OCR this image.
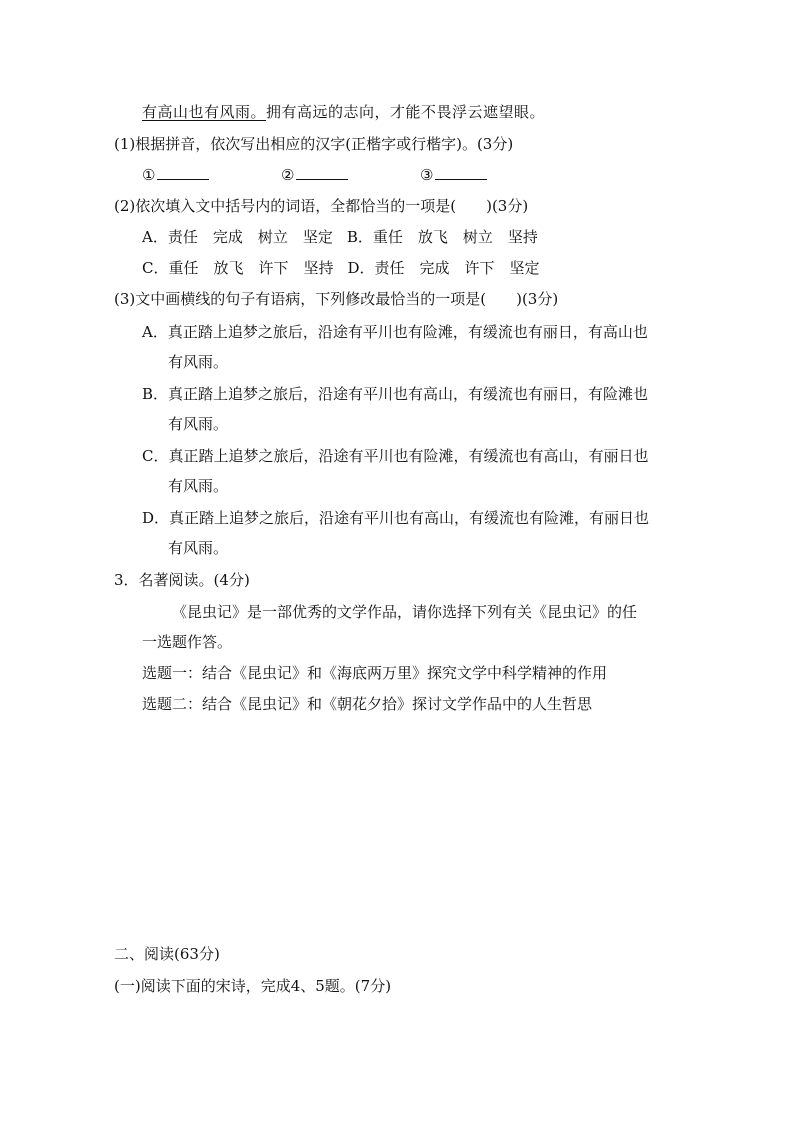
有高山也有风雨。拥有高远的志向，才能不畏浮云遮望眼。
(1)根据拼音，依次写出相应的汉字(正楷字或行楷字)。(3分)
①	②	③
(2)依次填入文中括号内的词语，全都恰当的一项是(　　)(3分)
A．责任　完成　树立　坚定 B．重任　放飞　树立　坚持
C．重任　放飞　许下　坚持 D．责任　完成　许下　坚定
(3)文中画横线的句子有语病，下列修改最恰当的一项是(　　)(3分)
A．真正踏上追梦之旅后，沿途有平川也有险滩，有缓流也有丽日，有高山也
有风雨。
B．真正踏上追梦之旅后，沿途有平川也有高山，有缓流也有丽日，有险滩也
有风雨。
C．真正踏上追梦之旅后，沿途有平川也有险滩，有缓流也有高山，有丽日也
有风雨。
D．真正踏上追梦之旅后，沿途有平川也有高山，有缓流也有险滩，有丽日也
有风雨。
3．名著阅读。(4分)
《昆虫记》是一部优秀的文学作品，请你选择下列有关《昆虫记》的任
一选题作答。
选题一：结合《昆虫记》和《海底两万里》探究文学中科学精神的作用
选题二：结合《昆虫记》和《朝花夕拾》探讨文学作品中的人生哲思
二、阅读(63分)
(一)阅读下面的宋诗，完成4、5题。(7分)
